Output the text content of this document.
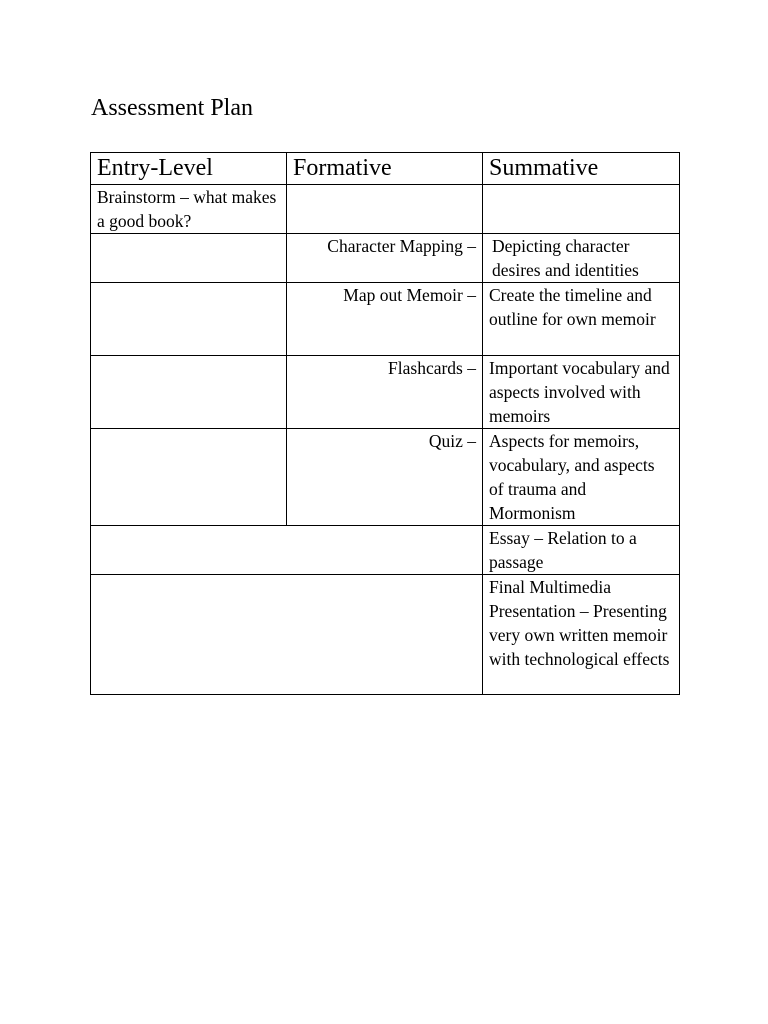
Assessment Plan
Entry-Level	Formative	Summative
Brainstorm – what makes a good book?		
	Character Mapping –	Depicting character desires and identities
	Map out Memoir –	Create the timeline and outline for own memoir
	Flashcards –	Important vocabulary and aspects involved with memoirs
	Quiz –	Aspects for memoirs, vocabulary, and aspects of trauma and Mormonism
		Essay – Relation to a passage
		Final Multimedia Presentation – Presenting very own written memoir with technological effects
